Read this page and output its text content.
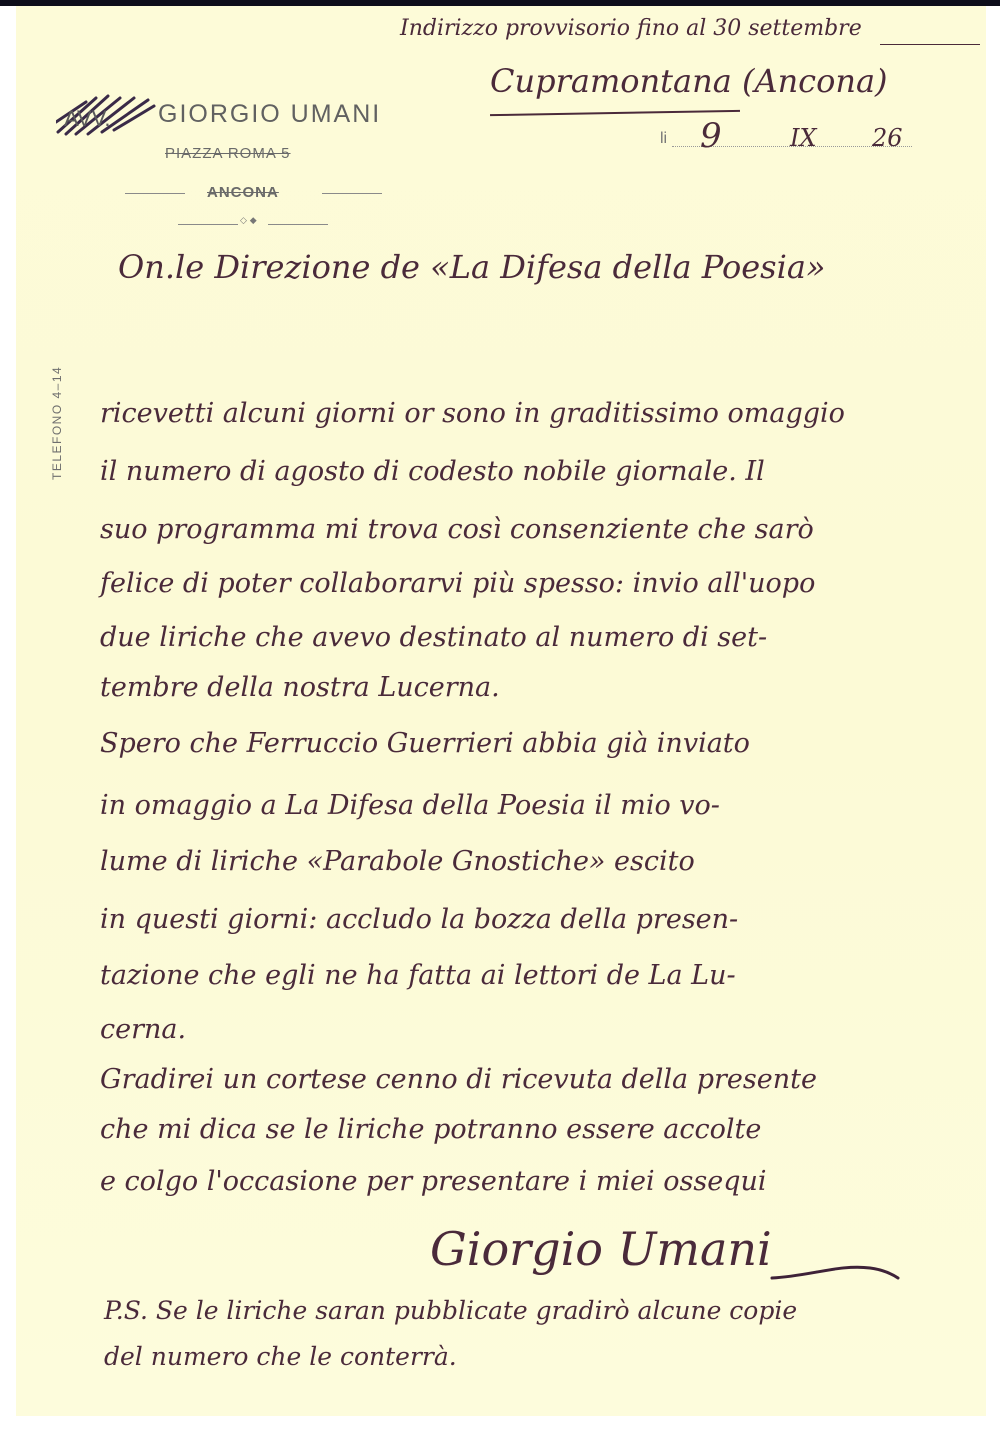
AVV. GIORGIO UMANI
PIAZZA ROMA 5
ANCONA
◇ ◆
TELEFONO 4–14
Indirizzo provvisorio fino al 30 settembre
Cupramontana (Ancona)
li 9	IX 26
On.le Direzione de «La Difesa della Poesia»
ricevetti alcuni giorni or sono in graditissimo omaggio
il numero di agosto di codesto nobile giornale. Il
suo programma mi trova così consenziente che sarò
felice di poter collaborarvi più spesso: invio all'uopo
due liriche che avevo destinato al numero di set-
tembre della nostra Lucerna.
Spero che Ferruccio Guerrieri abbia già inviato
in omaggio a La Difesa della Poesia il mio vo-
lume di liriche «Parabole Gnostiche» escito
in questi giorni: accludo la bozza della presen-
tazione che egli ne ha fatta ai lettori de La Lu-
cerna.
Gradirei un cortese cenno di ricevuta della presente
che mi dica se le liriche potranno essere accolte
e colgo l'occasione per presentare i miei ossequi
Giorgio Umani
P.S. Se le liriche saran pubblicate gradirò alcune copie
del numero che le conterrà.
